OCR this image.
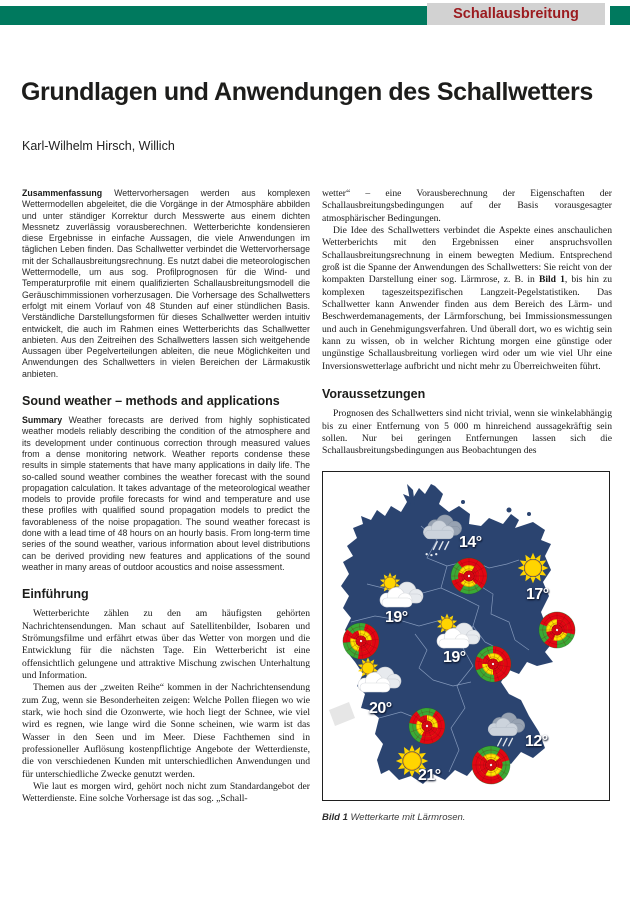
Schallausbreitung
Grundlagen und Anwendungen des Schallwetters
Karl-Wilhelm Hirsch, Willich

Zusammenfassung Wettervorhersagen werden aus komplexen Wettermodellen abgeleitet, die die Vorgänge in der Atmosphäre abbilden und unter ständiger Korrektur durch Messwerte aus einem dichten Messnetz zuverlässig vorausberechnen. Wetterberichte kondensieren diese Ergebnisse in einfache Aussagen, die viele Anwendungen im täglichen Leben finden. Das Schallwetter verbindet die Wettervorhersage mit der Schallausbreitungsrechnung. Es nutzt dabei die meteorologischen Wettermodelle, um aus sog. Profilprognosen für die Wind- und Temperaturprofile mit einem qualifizierten Schallausbreitungsmodell die Geräuschimmissionen vorherzusagen. Die Vorhersage des Schallwetters erfolgt mit einem Vorlauf von 48 Stunden auf einer stündlichen Basis. Verständliche Darstellungsformen für dieses Schallwetter werden intuitiv entwickelt, die auch im Rahmen eines Wetterberichts das Schallwetter anbieten. Aus den Zeitreihen des Schallwetters lassen sich weitgehende Aussagen über Pegelverteilungen ableiten, die neue Möglichkeiten und Anwendungen des Schallwetters in vielen Bereichen der Lärmakustik anbieten.

Sound weather – methods and applications

Summary Weather forecasts are derived from highly sophisticated weather models reliably describing the condition of the atmosphere and its development under continuous correction through measured values from a dense monitoring network. Weather reports condense these results in simple statements that have many applications in daily life. The so-called sound weather combines the weather forecast with the sound propagation calculation. It takes advantage of the meteorological weather models to provide profile forecasts for wind and temperature and use these profiles with qualified sound propagation models to predict the favorableness of the noise propagation. The sound weather forecast is done with a lead time of 48 hours on an hourly basis. From long-term time series of the sound weather, various information about level distributions can be derived providing new features and applications of the sound weather in many areas of outdoor acoustics and noise assessment.

Einführung

Wetterberichte zählen zu den am häufigsten gehörten Nachrichtensendungen. Man schaut auf Satellitenbilder, Isobaren und Strömungsfilme und erfährt etwas über das Wetter von morgen und die Entwicklung für die nächsten Tage. Ein Wetterbericht ist eine offensichtlich gelungene und attraktive Mischung zwischen Unterhaltung und Information.

Themen aus der „zweiten Reihe“ kommen in der Nachrichtensendung zum Zug, wenn sie Besonderheiten zeigen: Welche Pollen fliegen wo wie stark, wie hoch sind die Ozonwerte, wie hoch liegt der Schnee, wie viel wird es regnen, wie lange wird die Sonne scheinen, wie warm ist das Wasser in den Seen und im Meer. Diese Fachthemen sind in professioneller Auflösung kostenpflichtige Angebote der Wetterdienste, die von verschiedenen Kunden mit unterschiedlichen Anwendungen und für unterschiedliche Zwecke genutzt werden.

Wie laut es morgen wird, gehört noch nicht zum Standardangebot der Wetterdienste. Eine solche Vorhersage ist das sog. „Schall-

wetter“ – eine Vorausberechnung der Eigenschaften der Schallausbreitungsbedingungen auf der Basis vorausgesagter atmosphärischer Bedingungen.

Die Idee des Schallwetters verbindet die Aspekte eines anschaulichen Wetterberichts mit den Ergebnissen einer anspruchsvollen Schallausbreitungsrechnung in einem bewegten Medium. Entsprechend groß ist die Spanne der Anwendungen des Schallwetters: Sie reicht von der kompakten Darstellung einer sog. Lärmrose, z. B. in Bild 1, bis hin zu komplexen tageszeitspezifischen Langzeit-Pegelstatistiken. Das Schallwetter kann Anwender finden aus dem Bereich des Lärm- und Beschwerdemanagements, der Lärmforschung, bei Immissionsmessungen und auch in Genehmigungsverfahren. Und überall dort, wo es wichtig sein kann zu wissen, ob in welcher Richtung morgen eine günstige oder ungünstige Schallausbreitung vorliegen wird oder um wie viel Uhr eine Inversionswetterlage aufbricht und nicht mehr zu Überreichweiten führt.

Voraussetzungen

Prognosen des Schallwetters sind nicht trivial, wenn sie winkelabhängig bis zu einer Entfernung von 5 000 m hinreichend aussagekräftig sein sollen. Nur bei geringen Entfernungen lassen sich die Schallausbreitungsbedingungen aus Beobachtungen des

14°
17°
19°
19°
20°
21°
12°
Bild 1 Wetterkarte mit Lärmrosen.
